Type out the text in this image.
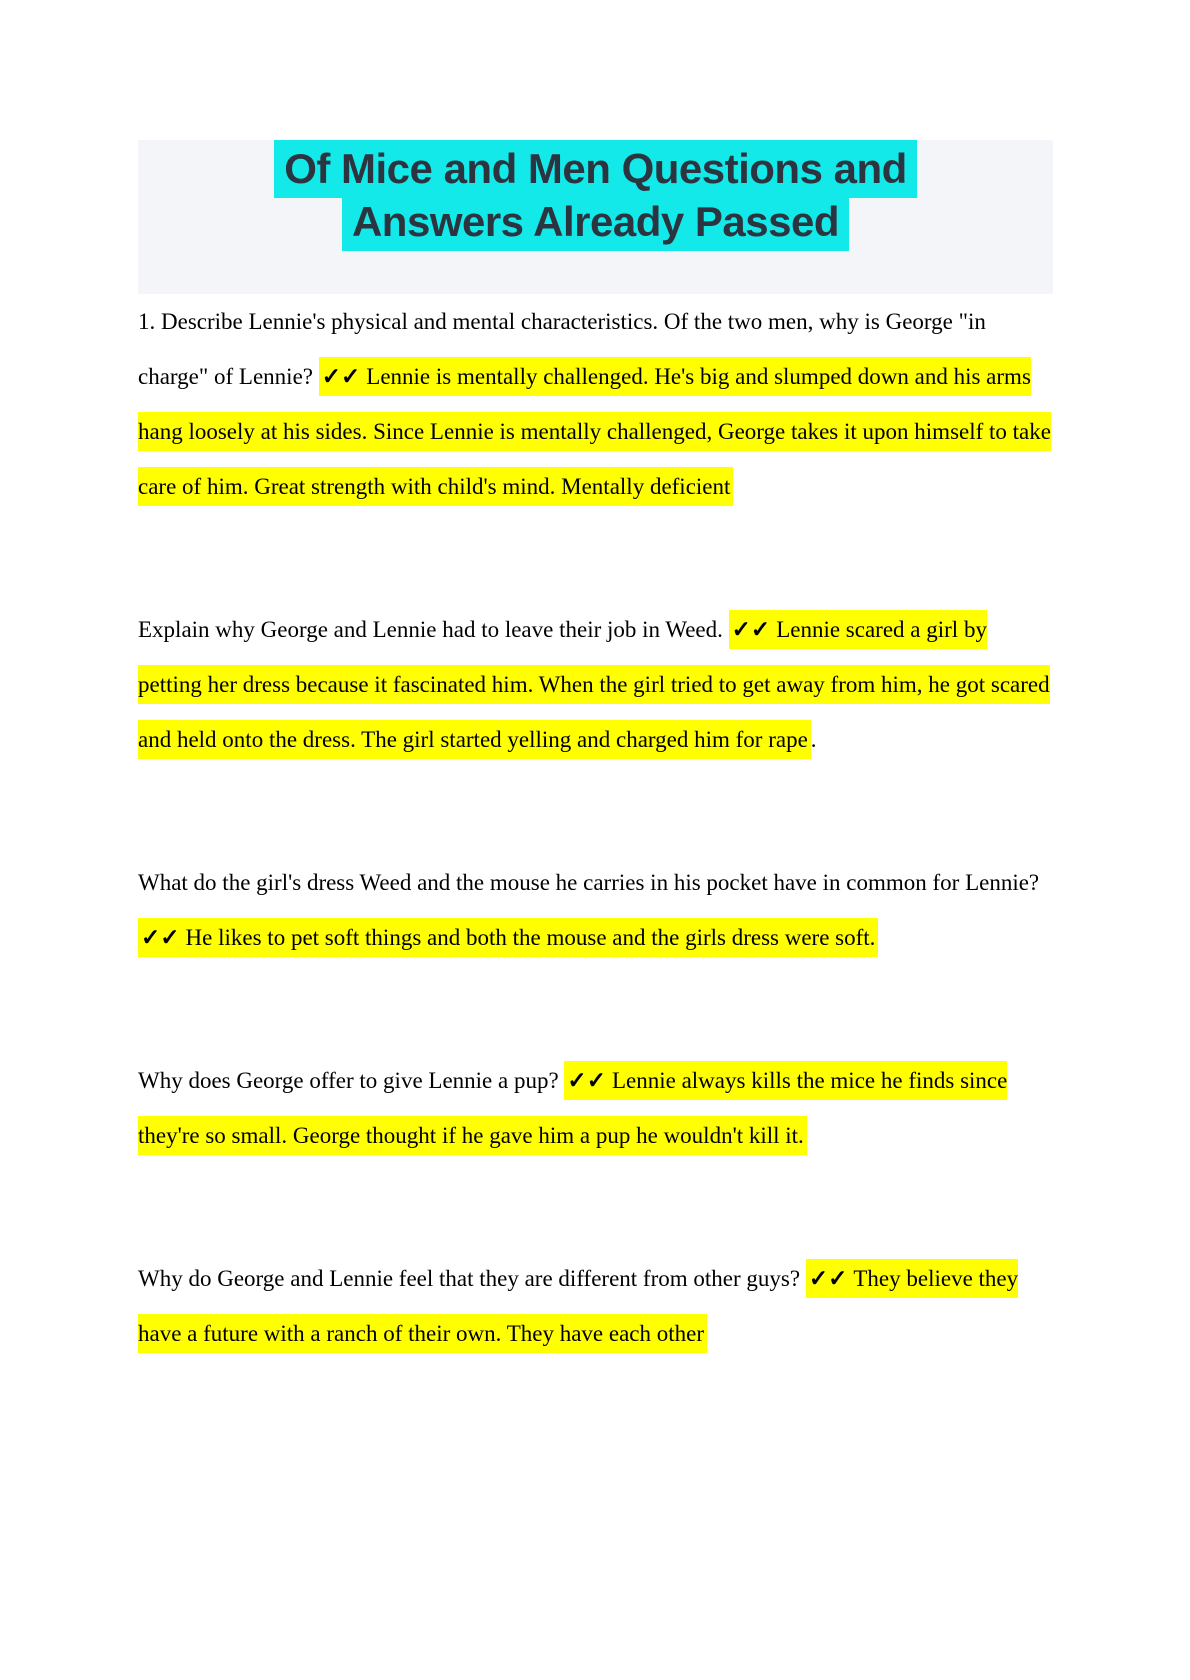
Of Mice and Men Questions and
Answers Already Passed

1. Describe Lennie's physical and mental characteristics. Of the two men, why is George "in charge" of Lennie? ✓✓ Lennie is mentally challenged. He's big and slumped down and his arms hang loosely at his sides. Since Lennie is mentally challenged, George takes it upon himself to take care of him. Great strength with child's mind. Mentally deficient

Explain why George and Lennie had to leave their job in Weed. ✓✓ Lennie scared a girl by petting her dress because it fascinated him. When the girl tried to get away from him, he got scared and held onto the dress. The girl started yelling and charged him for rape .

What do the girl's dress Weed and the mouse he carries in his pocket have in common for Lennie? ✓✓ He likes to pet soft things and both the mouse and the girls dress were soft.

Why does George offer to give Lennie a pup? ✓✓ Lennie always kills the mice he finds since they're so small. George thought if he gave him a pup he wouldn't kill it.

Why do George and Lennie feel that they are different from other guys? ✓✓ They believe they have a future with a ranch of their own. They have each other
